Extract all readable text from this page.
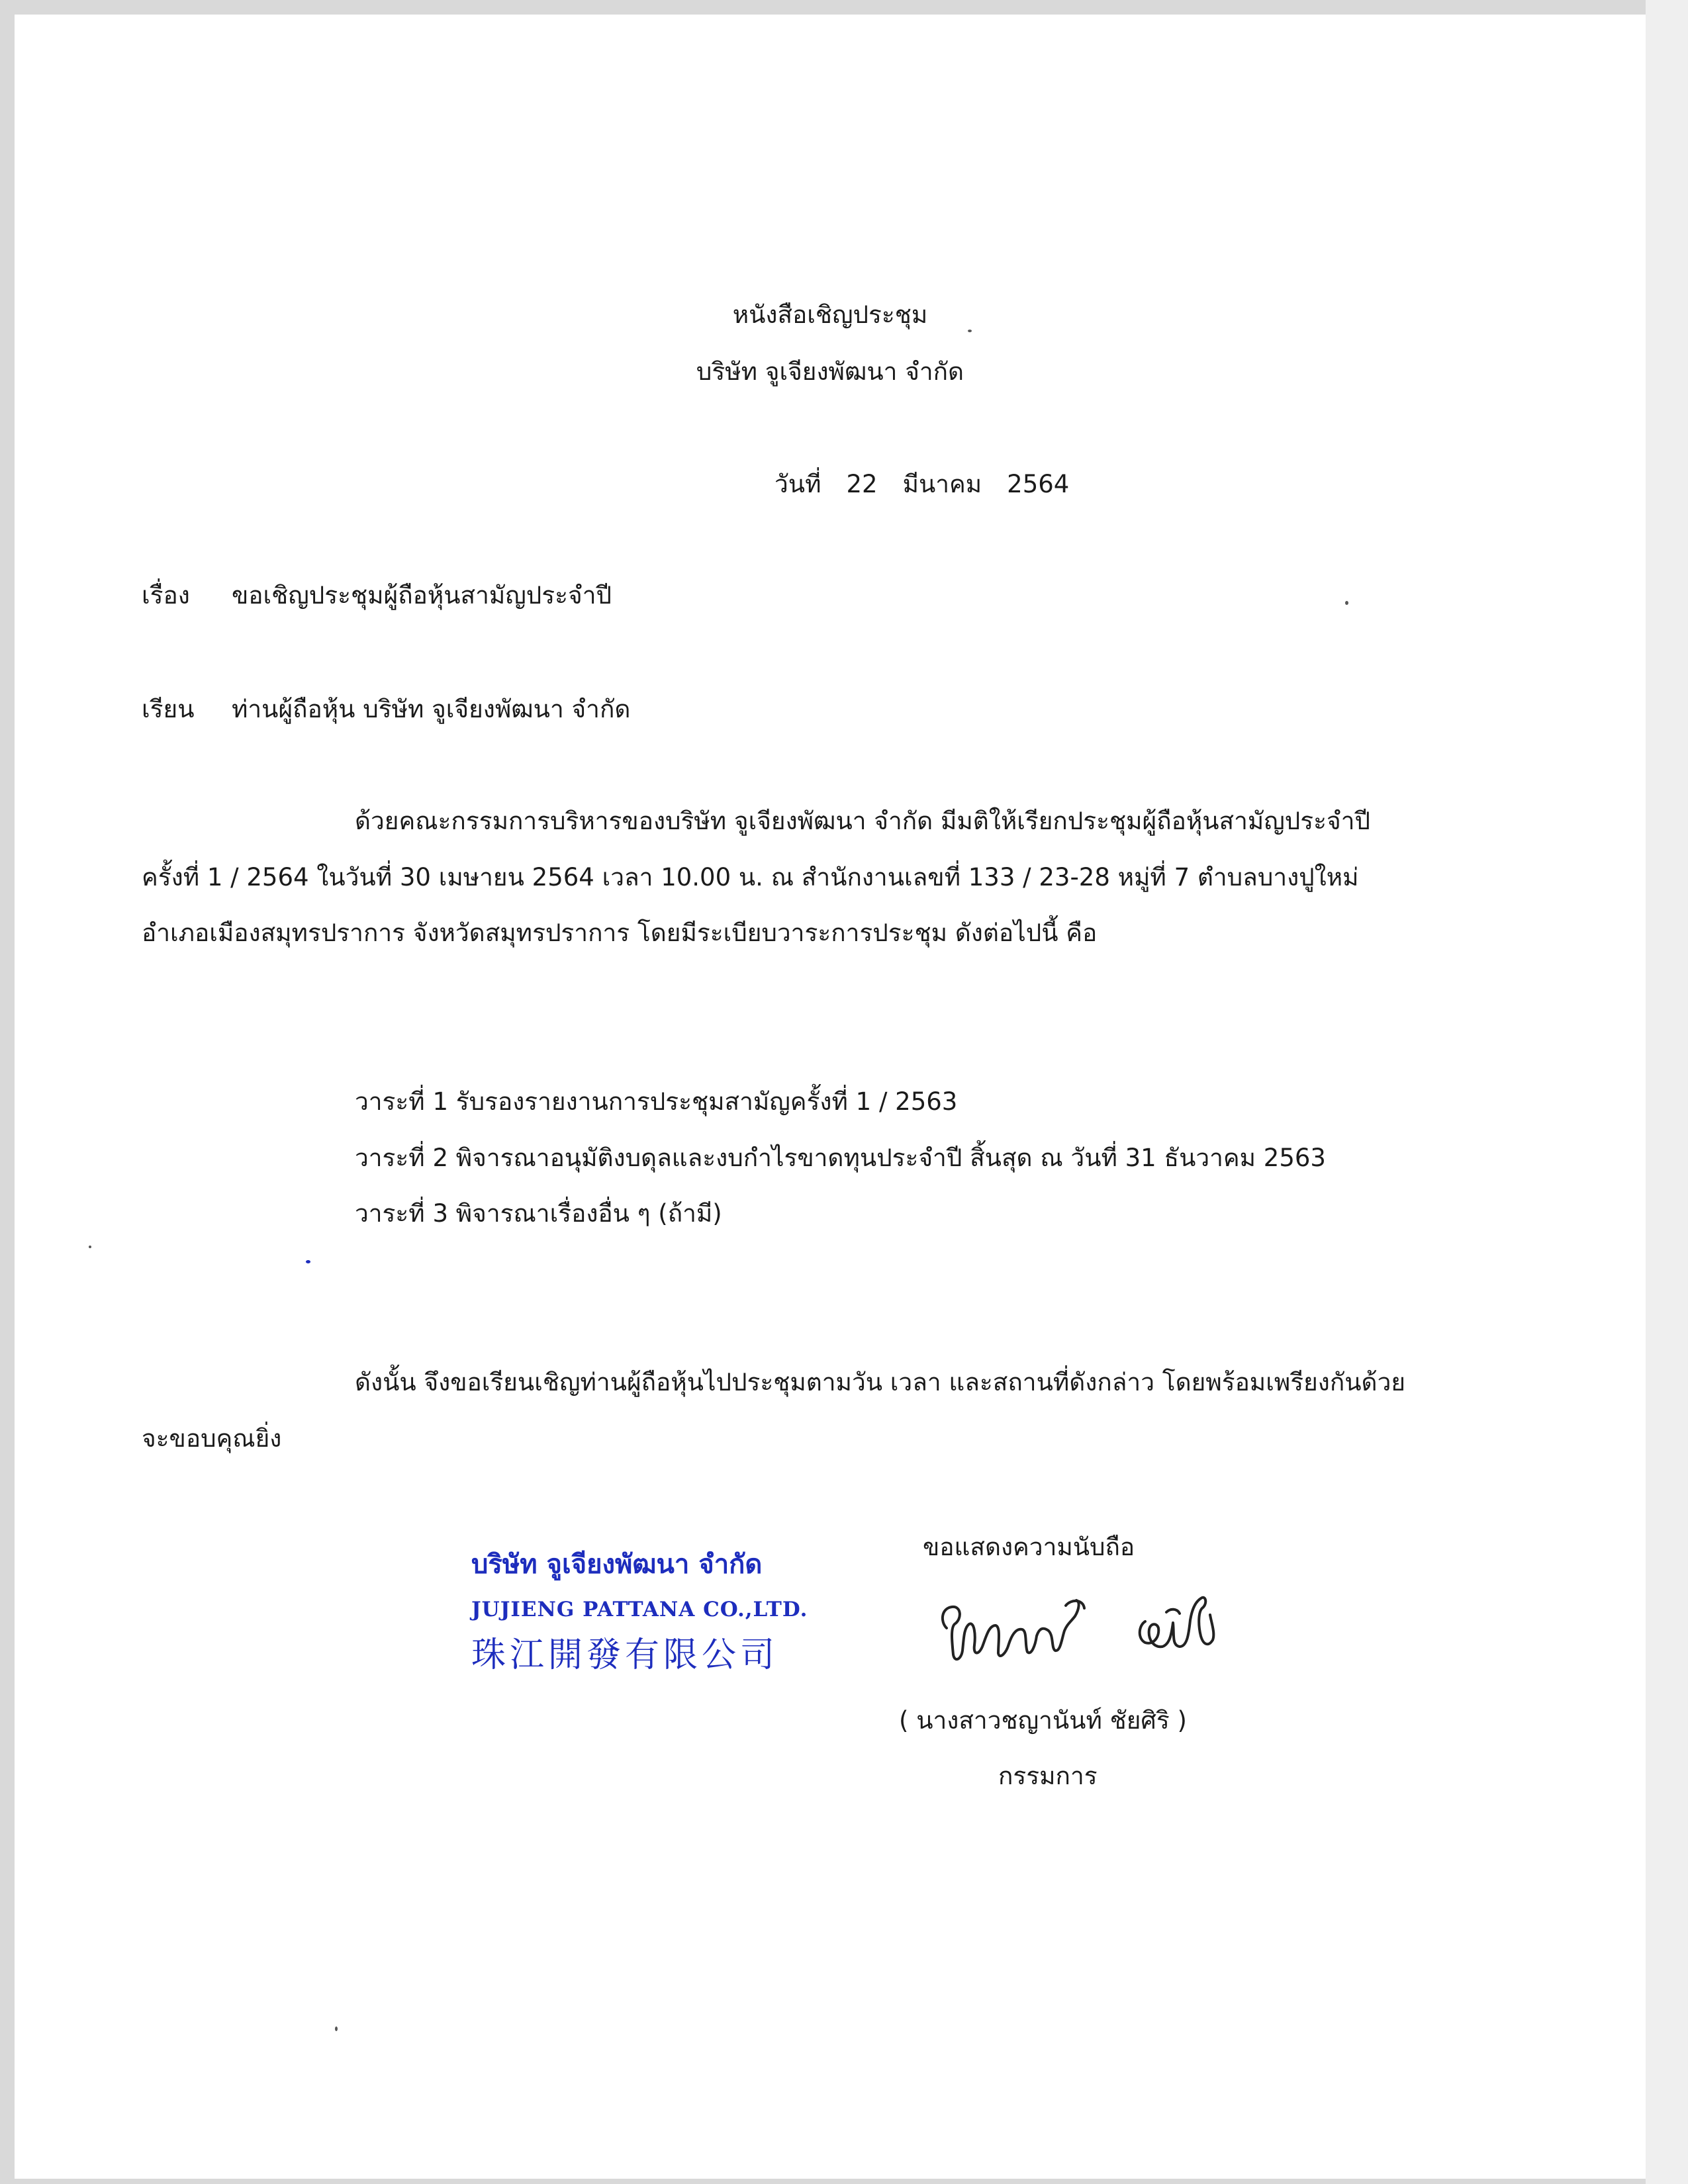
หนังสือเชิญประชุม
บริษัท จูเจียงพัฒนา จำกัด
วันที่ 22 มีนาคม 2564
เรื่อง ขอเชิญประชุมผู้ถือหุ้นสามัญประจำปี
เรียน ท่านผู้ถือหุ้น บริษัท จูเจียงพัฒนา จำกัด
ด้วยคณะกรรมการบริหารของบริษัท จูเจียงพัฒนา จำกัด มีมติให้เรียกประชุมผู้ถือหุ้นสามัญประจำปี
ครั้งที่ 1 / 2564 ในวันที่ 30 เมษายน 2564 เวลา 10.00 น. ณ สำนักงานเลขที่ 133 / 23-28 หมู่ที่ 7 ตำบลบางปูใหม่
อำเภอเมืองสมุทรปราการ จังหวัดสมุทรปราการ โดยมีระเบียบวาระการประชุม ดังต่อไปนี้ คือ
วาระที่ 1 รับรองรายงานการประชุมสามัญครั้งที่ 1 / 2563
วาระที่ 2 พิจารณาอนุมัติงบดุลและงบกำไรขาดทุนประจำปี สิ้นสุด ณ วันที่ 31 ธันวาคม 2563
วาระที่ 3 พิจารณาเรื่องอื่น ๆ (ถ้ามี)
ดังนั้น จึงขอเรียนเชิญท่านผู้ถือหุ้นไปประชุมตามวัน เวลา และสถานที่ดังกล่าว โดยพร้อมเพรียงกันด้วย
จะขอบคุณยิ่ง
ขอแสดงความนับถือ
บริษัท จูเจียงพัฒนา จำกัด
JUJIENG PATTANA CO.,LTD.
珠江開發有限公司
( นางสาวชญานันท์ ชัยศิริ )
กรรมการ
